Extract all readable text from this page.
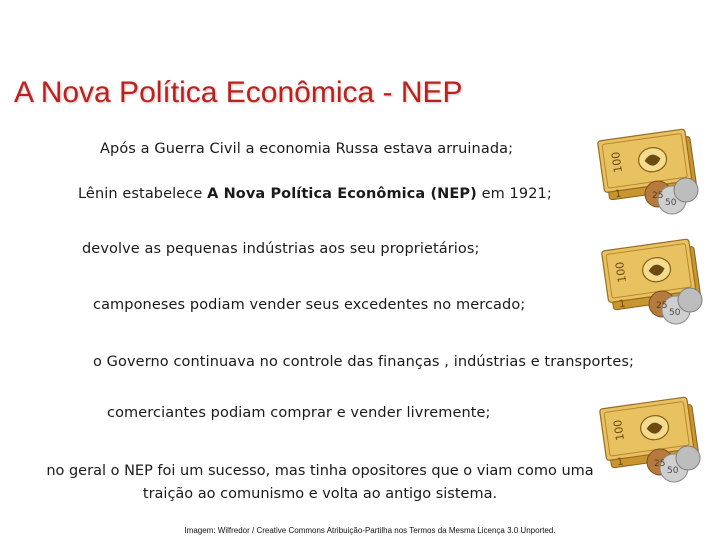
A Nova Política Econômica - NEP
Após a Guerra Civil a economia Russa estava arruinada;
Lênin estabelece A Nova Política Econômica (NEP) em 1921;
devolve as pequenas indústrias aos seu proprietários;
camponeses podiam vender seus excedentes no mercado;
o Governo continuava no controle das finanças , indústrias e transportes;
comerciantes podiam comprar e vender livremente;
no geral o NEP foi um sucesso, mas tinha opositores que o viam como uma traição ao comunismo e volta ao antigo sistema.
Imagem: Wilfredor / Creative Commons Atribuição-Partilha nos Termos da Mesma Licença 3.0 Unported.
100
1	25
50
100
1	25
50
100
1	25
50
